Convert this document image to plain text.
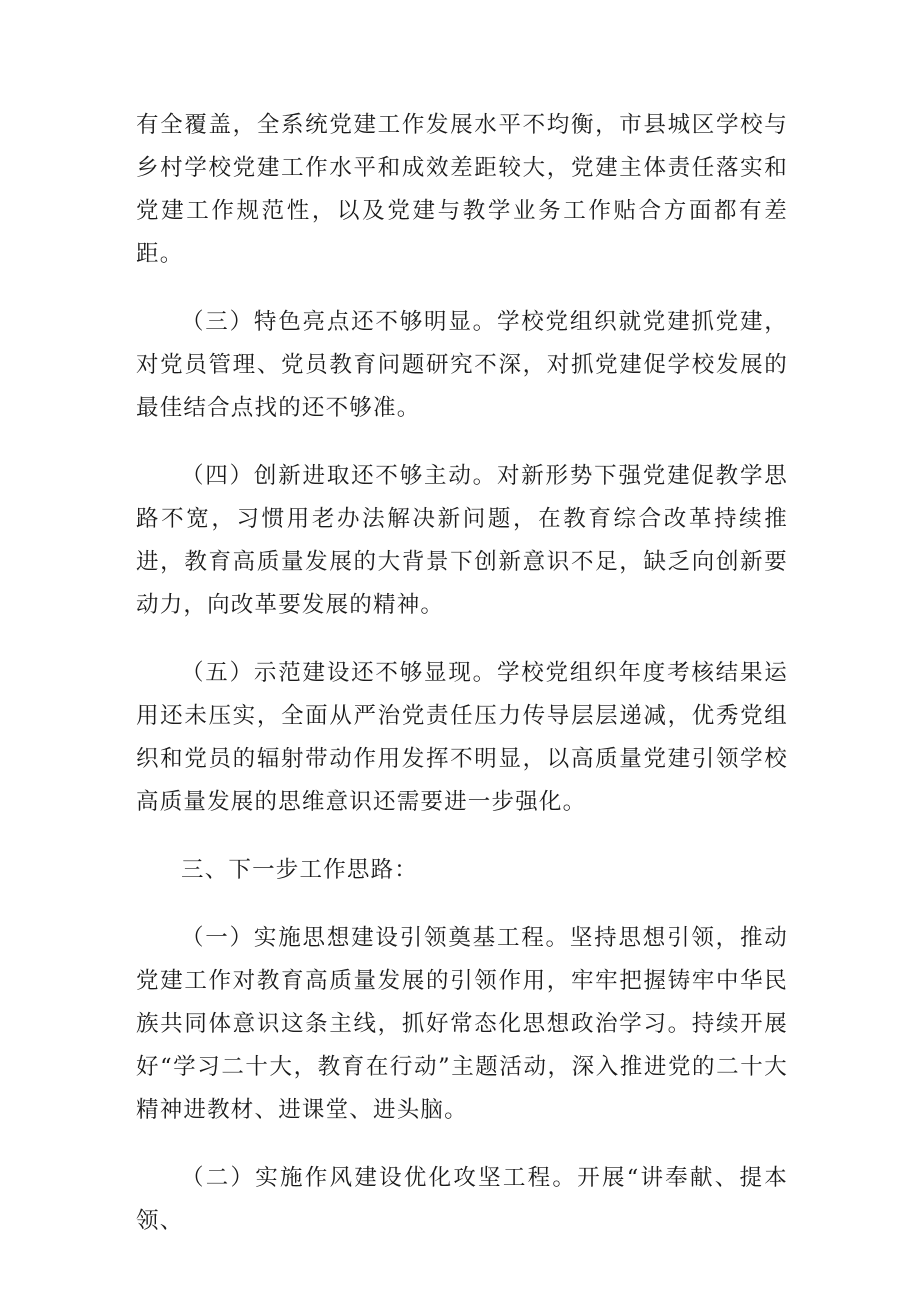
有全覆盖，全系统党建工作发展水平不均衡，市县城区学校与乡村学校党建工作水平和成效差距较大，党建主体责任落实和党建工作规范性，以及党建与教学业务工作贴合方面都有差距。

（三）特色亮点还不够明显。学校党组织就党建抓党建，对党员管理、党员教育问题研究不深，对抓党建促学校发展的最佳结合点找的还不够准。

（四）创新进取还不够主动。对新形势下强党建促教学思路不宽，习惯用老办法解决新问题，在教育综合改革持续推进，教育高质量发展的大背景下创新意识不足，缺乏向创新要动力，向改革要发展的精神。

（五）示范建设还不够显现。学校党组织年度考核结果运用还未压实，全面从严治党责任压力传导层层递减，优秀党组织和党员的辐射带动作用发挥不明显，以高质量党建引领学校高质量发展的思维意识还需要进一步强化。

三、下一步工作思路：

（一）实施思想建设引领奠基工程。坚持思想引领，推动党建工作对教育高质量发展的引领作用，牢牢把握铸牢中华民族共同体意识这条主线，抓好常态化思想政治学习。持续开展好“学习二十大，教育在行动”主题活动，深入推进党的二十大精神进教材、进课堂、进头脑。

（二）实施作风建设优化攻坚工程。开展“讲奉献、提本领、
